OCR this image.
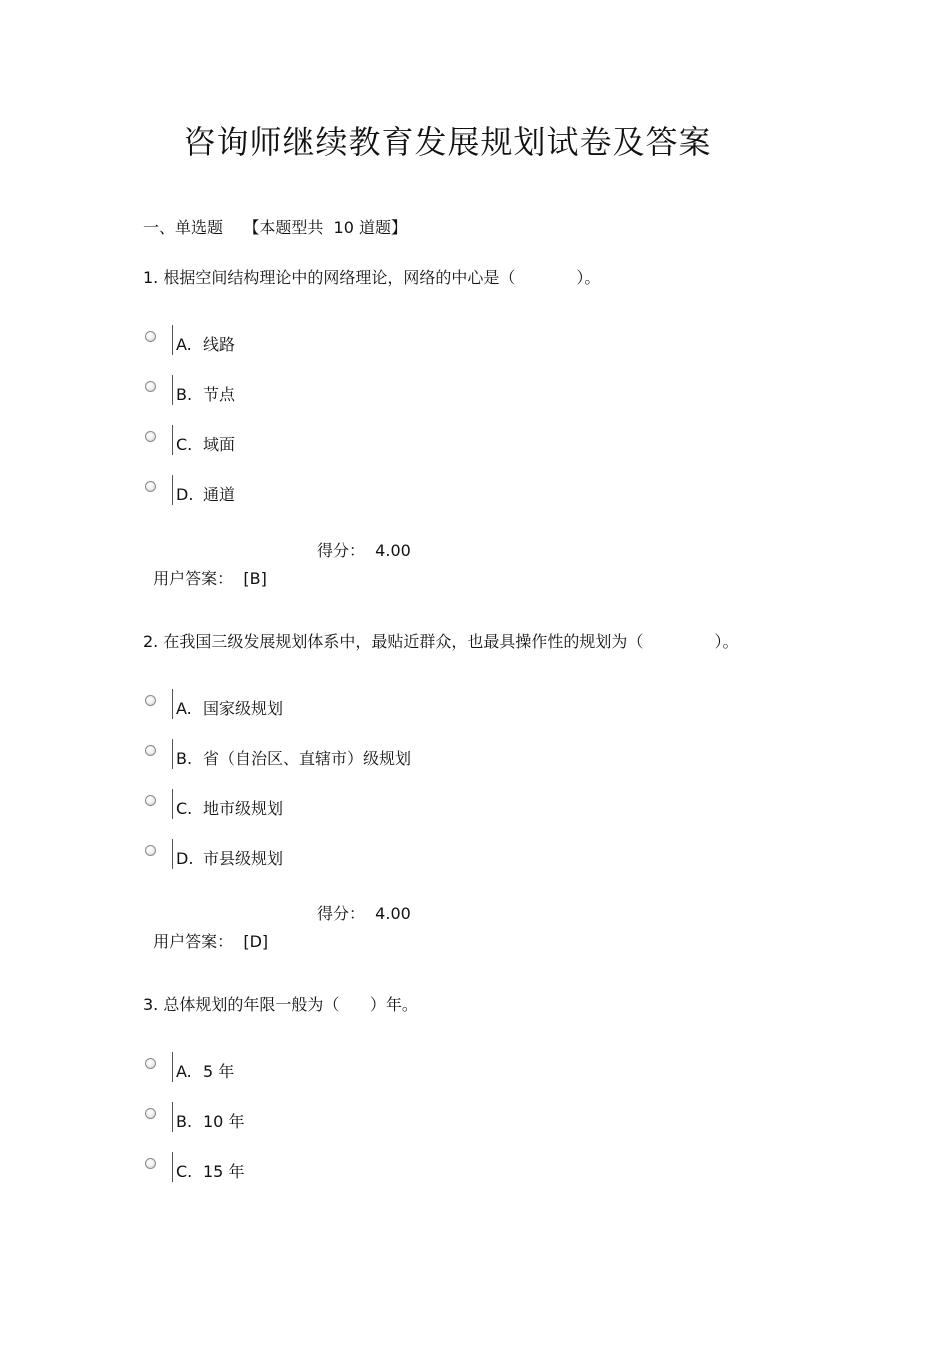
咨询师继续教育发展规划试卷及答案
一、单选题    【本题型共  10 道题】
1. 根据空间结构理论中的网络理论，网络的中心是（            ）。
A. 线路
B. 节点
C. 域面
D. 通道

用户答案：  [B]

得分：  4.00

2. 在我国三级发展规划体系中，最贴近群众，也最具操作性的规划为（              ）。
A. 国家级规划
B. 省（自治区、直辖市）级规划
C. 地市级规划
D. 市县级规划

用户答案：  [D]

得分：  4.00

3. 总体规划的年限一般为（      ）年。
A. 5 年
B. 10 年
C. 15 年
